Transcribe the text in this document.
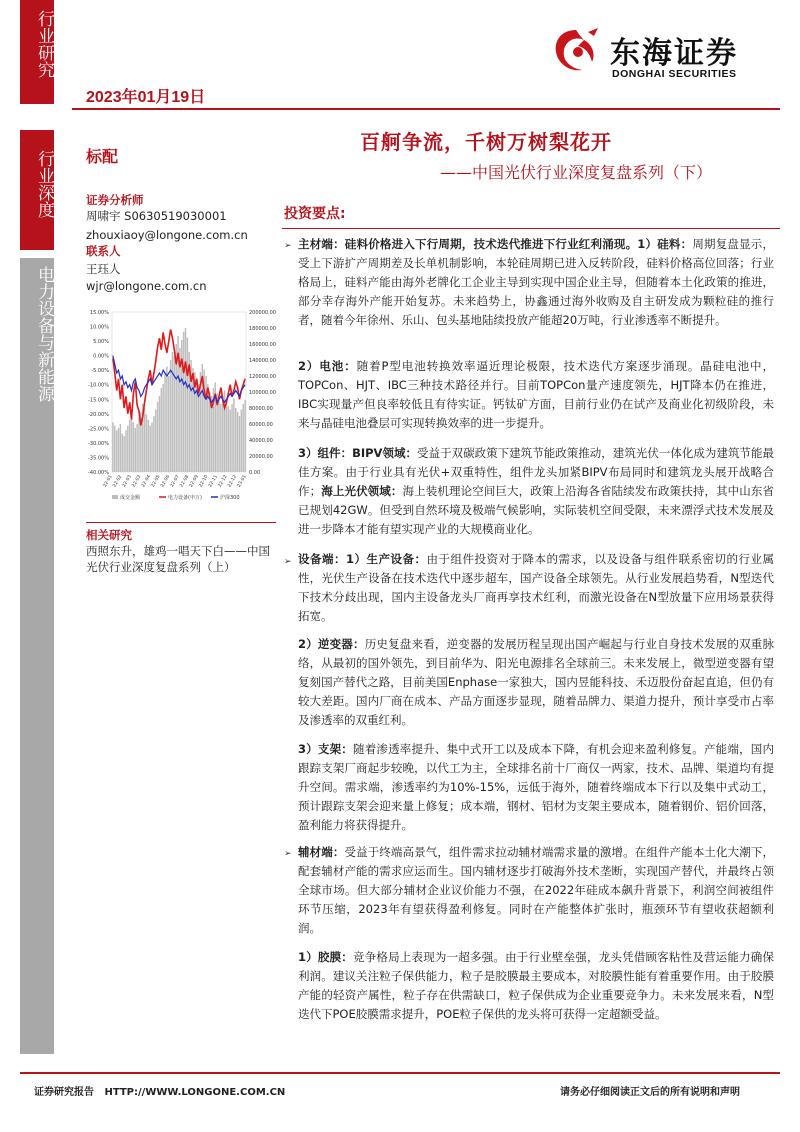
行业研究
2023年01月19日
东海证券
DONGHAI SECURITIES
行业深度
电力设备与新能源
标配
证券分析师
周啸宇 S0630519030001
zhouxiaoy@longone.com.cn
联系人
王珏人
wjr@longone.com.cn
15.00%
10.00%
5.00%
0.00%
-5.00%
-10.00%
-15.00%
-20.00%
-25.00%
-30.00%
-35.00%
-40.00%
200000.00
180000.00
160000.00
140000.00
120000.00
100000.00
80000.00
60000.00
40000.00
20000.00
0.00
22-01
22-02
22-03
22-03
22-04
22-05
22-06
22-07
22-08
22-09
22-10
22-11
22-12
22-12
23-01
成交金额	电力设备(申万)	沪深300
相关研究
西照东升，雄鸡一唱天下白——中国光伏行业深度复盘系列（上）
百舸争流，千树万树梨花开
——中国光伏行业深度复盘系列（下）
投资要点:
➢ 主材端：硅料价格进入下行周期，技术迭代推进下行业红利涌现。1）硅料：周期复盘显示，受上下游扩产周期差及长单机制影响，本轮硅周期已进入反转阶段，硅料价格高位回落；行业格局上，硅料产能由海外老牌化工企业主导到实现中国企业主导，但随着本土化政策的推进，部分幸存海外产能开始复苏。未来趋势上，协鑫通过海外收购及自主研发成为颗粒硅的推行者，随着今年徐州、乐山、包头基地陆续投放产能超20万吨，行业渗透率不断提升。
2）电池：随着P型电池转换效率逼近理论极限，技术迭代方案逐步涌现。晶硅电池中，TOPCon、HJT、IBC三种技术路径并行。目前TOPCon量产速度领先，HJT降本仍在推进，IBC实现量产但良率较低且有待实证。钙钛矿方面，目前行业仍在试产及商业化初级阶段，未来与晶硅电池叠层可实现转换效率的进一步提升。
3）组件：BIPV领域：受益于双碳政策下建筑节能政策推动，建筑光伏一体化成为建筑节能最佳方案。由于行业具有光伏+双重特性，组件龙头加紧BIPV布局同时和建筑龙头展开战略合作；海上光伏领域：海上装机理论空间巨大，政策上沿海各省陆续发布政策扶持，其中山东省已规划42GW。但受到自然环境及极端气候影响，实际装机空间受限，未来漂浮式技术发展及进一步降本才能有望实现产业的大规模商业化。
➢ 设备端：1）生产设备：由于组件投资对于降本的需求，以及设备与组件联系密切的行业属性，光伏生产设备在技术迭代中逐步超车，国产设备全球领先。从行业发展趋势看，N型迭代下技术分歧出现，国内主设备龙头厂商再享技术红利，而激光设备在N型放量下应用场景获得拓宽。
2）逆变器：历史复盘来看，逆变器的发展历程呈现出国产崛起与行业自身技术发展的双重脉络，从最初的国外领先，到目前华为、阳光电源排名全球前三。未来发展上，微型逆变器有望复刻国产替代之路，目前美国Enphase一家独大，国内昱能科技、禾迈股份奋起直追，但仍有较大差距。国内厂商在成本、产品方面逐步显现，随着品牌力、渠道力提升，预计享受市占率及渗透率的双重红利。
3）支架：随着渗透率提升、集中式开工以及成本下降，有机会迎来盈利修复。产能端，国内跟踪支架厂商起步较晚，以代工为主，全球排名前十厂商仅一两家，技术、品牌、渠道均有提升空间。需求端，渗透率约为10%-15%，远低于海外，随着终端成本下行以及集中式动工，预计跟踪支架会迎来量上修复；成本端，钢材、铝材为支架主要成本，随着钢价、铝价回落，盈利能力将获得提升。
➢ 辅材端：受益于终端高景气，组件需求拉动辅材端需求量的激增。在组件产能本土化大潮下，配套辅材产能的需求应运而生。国内辅材逐步打破海外技术垄断，实现国产替代，并最终占领全球市场。但大部分辅材企业议价能力不强，在2022年硅成本飙升背景下，利润空间被组件环节压缩，2023年有望获得盈利修复。同时在产能整体扩张时，瓶颈环节有望收获超额利润。
1）胶膜：竞争格局上表现为一超多强。由于行业壁垒强，龙头凭借顾客粘性及营运能力确保利润。建议关注粒子保供能力，粒子是胶膜最主要成本，对胶膜性能有着重要作用。由于胶膜产能的轻资产属性，粒子存在供需缺口，粒子保供成为企业重要竞争力。未来发展来看，N型迭代下POE胶膜需求提升，POE粒子保供的龙头将可获得一定超额受益。
证券研究报告   HTTP://WWW.LONGONE.COM.CN	请务必仔细阅读正文后的所有说明和声明
